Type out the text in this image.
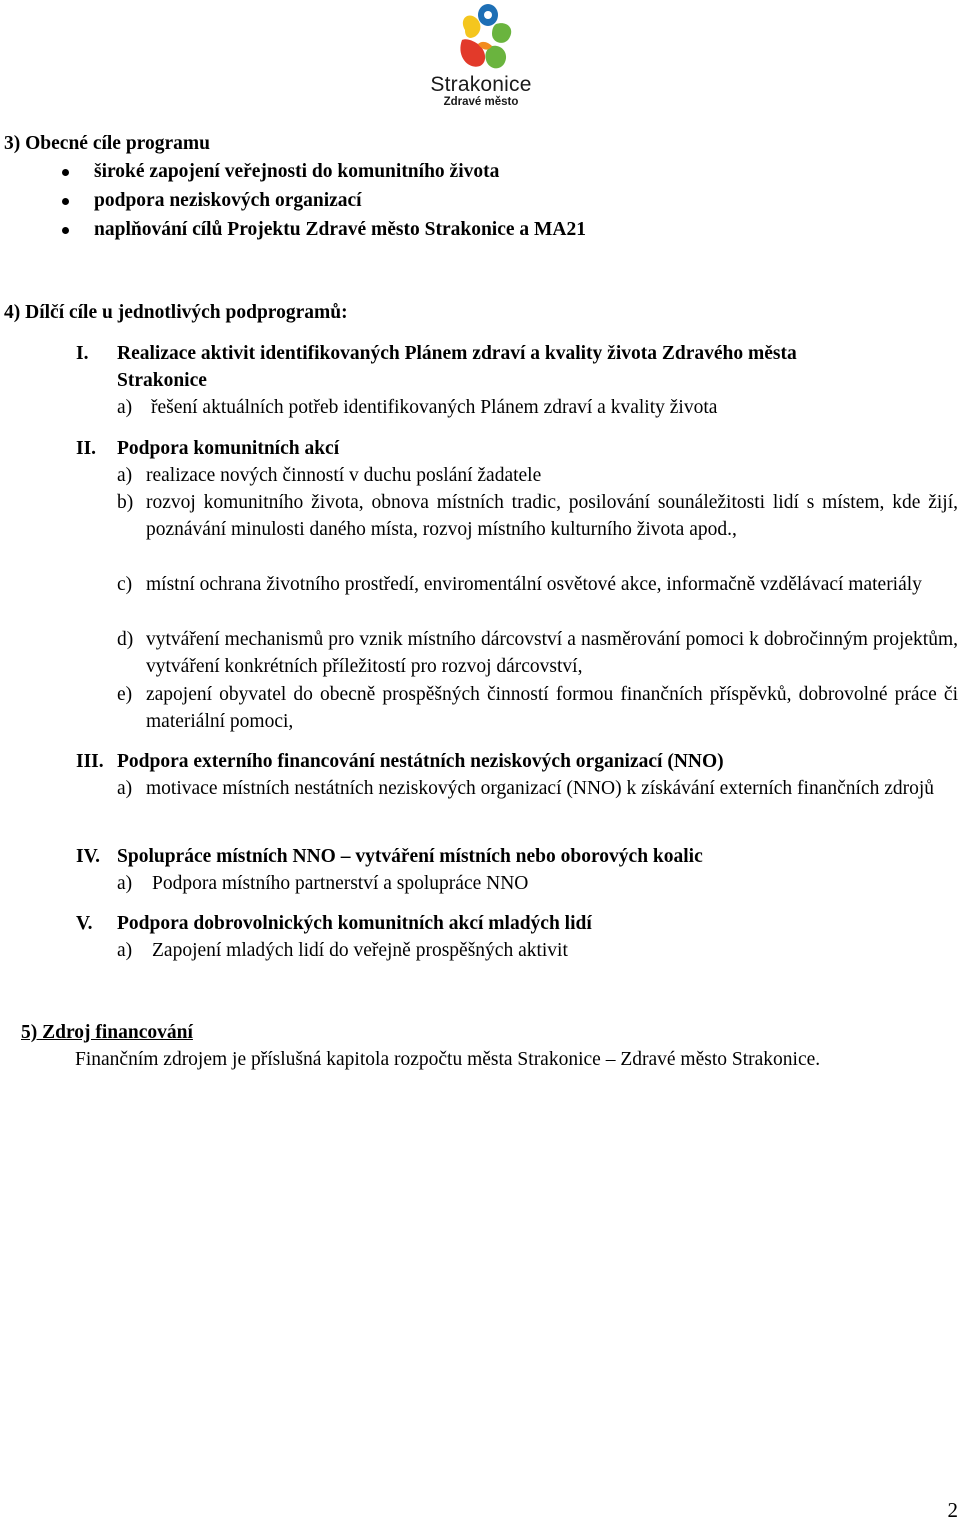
Strakonice
Zdravé město
3) Obecné cíle programu
široké zapojení veřejnosti do komunitního života
podpora neziskových organizací
naplňování cílů Projektu Zdravé město Strakonice a MA21
4) Dílčí cíle u jednotlivých podprogramů:
I. Realizace aktivit identifikovaných Plánem zdraví a kvality života Zdravého města
Strakonice
a) řešení aktuálních potřeb identifikovaných Plánem zdraví a kvality života
II. Podpora komunitních akcí
a) realizace nových činností v duchu poslání žadatele
b) rozvoj komunitního života, obnova místních tradic, posilování sounáležitosti lidí s místem, kde žijí, poznávání minulosti daného místa, rozvoj místního kulturního života apod.,
c) místní ochrana životního prostředí, enviromentální osvětové akce, informačně vzdělávací materiály
d) vytváření mechanismů pro vznik místního dárcovství a nasměrování pomoci k dobročinným projektům, vytváření konkrétních příležitostí pro rozvoj dárcovství,
e) zapojení obyvatel do obecně prospěšných činností formou finančních příspěvků, dobrovolné práce či materiální pomoci,
III. Podpora externího financování nestátních neziskových organizací (NNO)
a) motivace místních nestátních neziskových organizací (NNO) k získávání externích finančních zdrojů
IV. Spolupráce místních NNO – vytváření místních nebo oborových koalic
a) Podpora místního partnerství a spolupráce NNO
V. Podpora dobrovolnických komunitních akcí mladých lidí
a) Zapojení mladých lidí do veřejně prospěšných aktivit
5) Zdroj financování
Finančním zdrojem je příslušná kapitola rozpočtu města Strakonice – Zdravé město Strakonice.
2
